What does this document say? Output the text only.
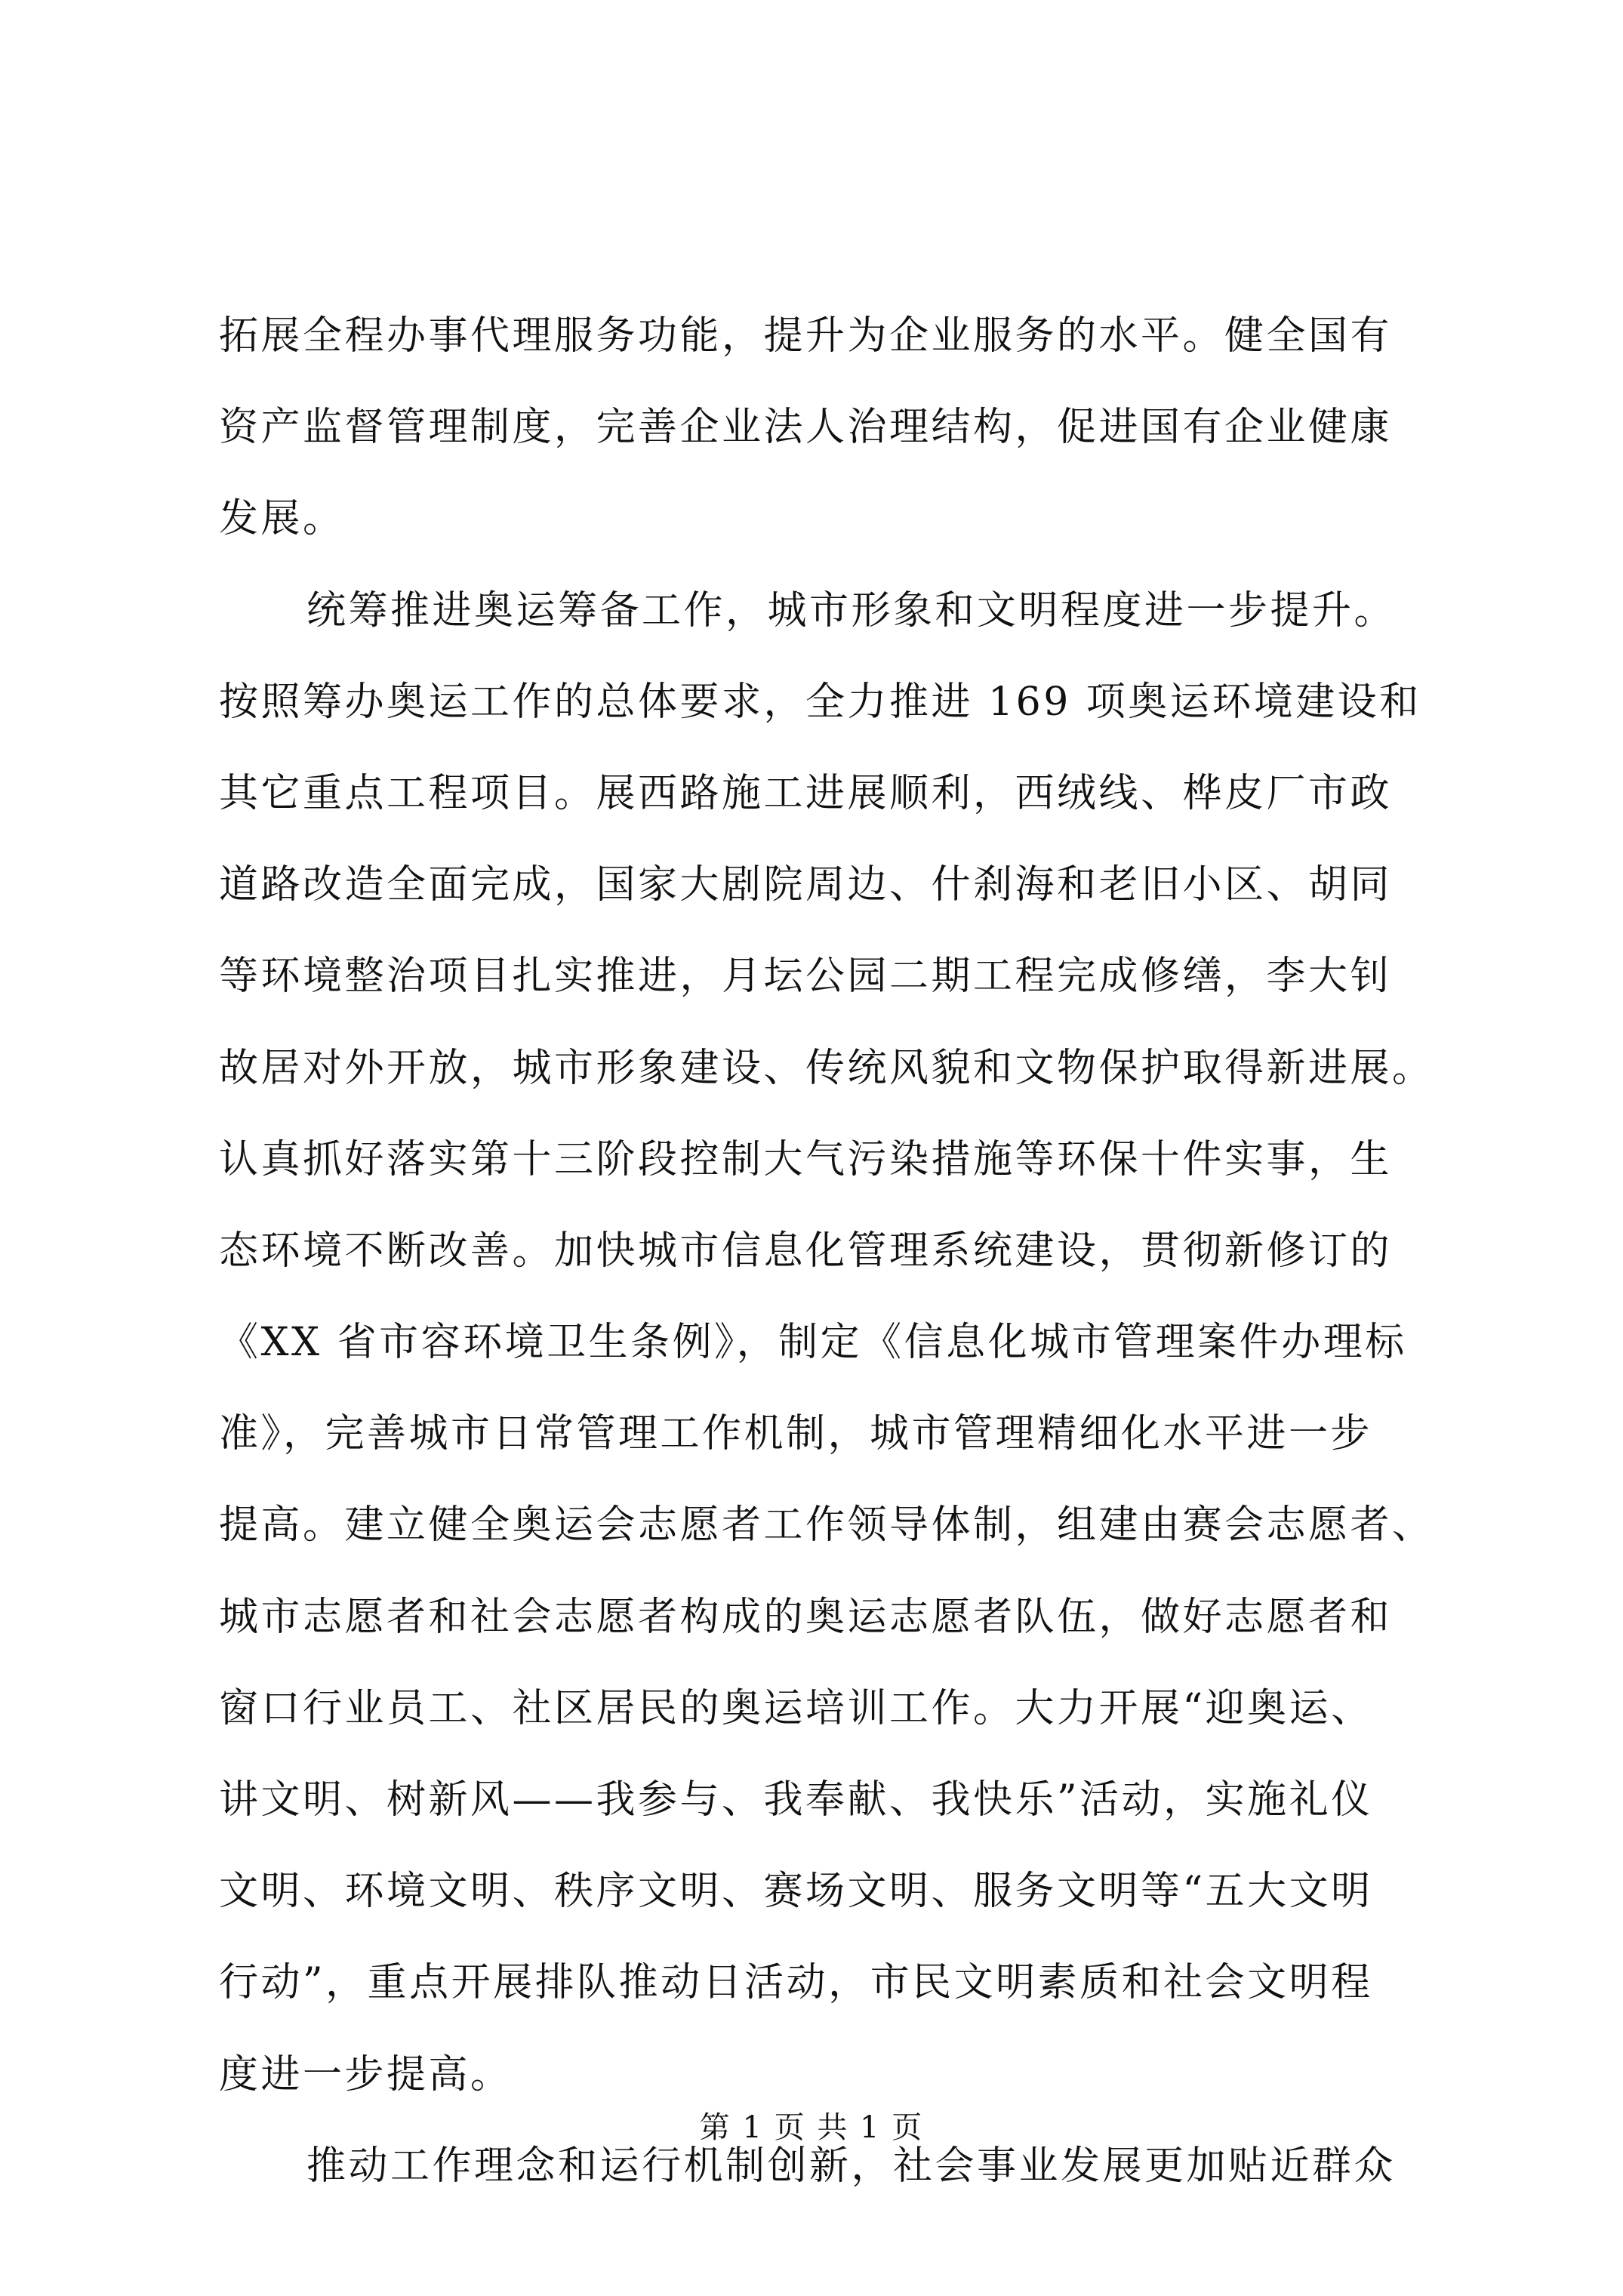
拓展全程办事代理服务功能，提升为企业服务的水平。健全国有
资产监督管理制度，完善企业法人治理结构，促进国有企业健康
发展。
统筹推进奥运筹备工作，城市形象和文明程度进一步提升。
按照筹办奥运工作的总体要求，全力推进 169 项奥运环境建设和
其它重点工程项目。展西路施工进展顺利，西绒线、桦皮厂市政
道路改造全面完成，国家大剧院周边、什刹海和老旧小区、胡同
等环境整治项目扎实推进，月坛公园二期工程完成修缮，李大钊
故居对外开放，城市形象建设、传统风貌和文物保护取得新进展。
认真抓好落实第十三阶段控制大气污染措施等环保十件实事，生
态环境不断改善。加快城市信息化管理系统建设，贯彻新修订的
《XX 省市容环境卫生条例》，制定《信息化城市管理案件办理标
准》，完善城市日常管理工作机制，城市管理精细化水平进一步
提高。建立健全奥运会志愿者工作领导体制，组建由赛会志愿者、
城市志愿者和社会志愿者构成的奥运志愿者队伍，做好志愿者和
窗口行业员工、社区居民的奥运培训工作。大力开展“迎奥运、
讲文明、树新风——我参与、我奉献、我快乐”活动，实施礼仪
文明、环境文明、秩序文明、赛场文明、服务文明等“五大文明
行动”，重点开展排队推动日活动，市民文明素质和社会文明程
度进一步提高。
推动工作理念和运行机制创新，社会事业发展更加贴近群众
第 1 页 共 1 页
